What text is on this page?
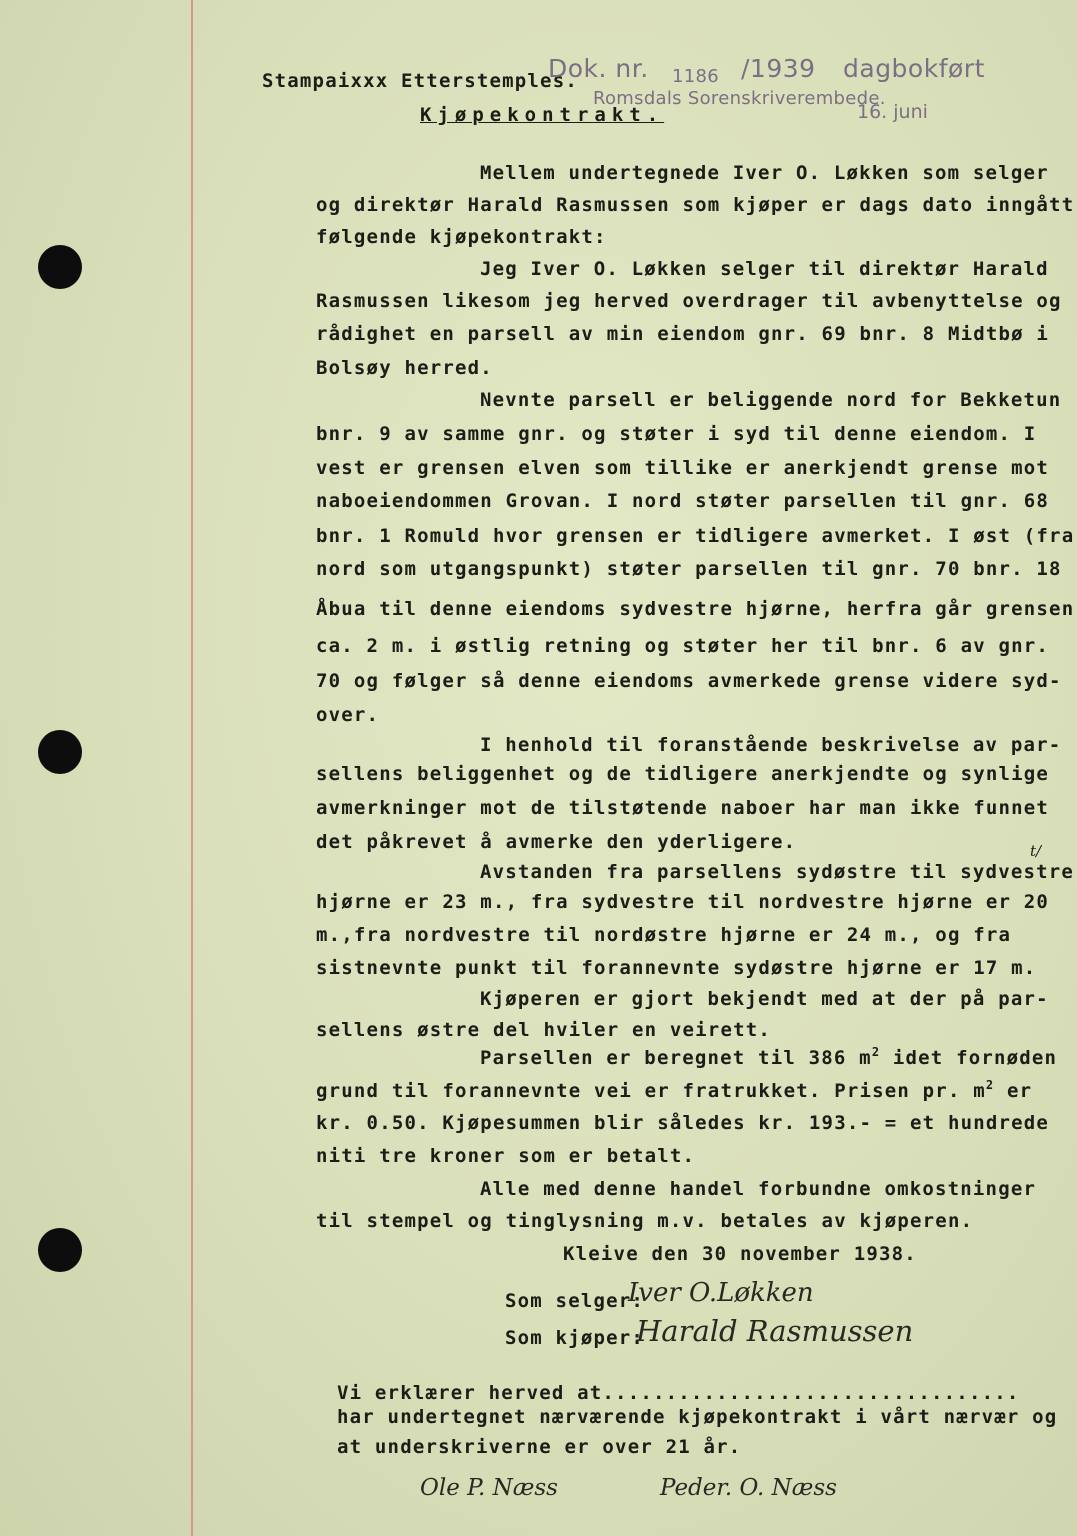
Stampaixxx Etterstemples.
Dok. nr. 1186 /1939 dagbokført
Romsdals Sorenskriverembede.
16. juni
Kjøpekontrakt.
Mellem undertegnede Iver O. Løkken som selger
og direktør Harald Rasmussen som kjøper er dags dato inngått
følgende kjøpekontrakt:
Jeg Iver O. Løkken selger til direktør Harald
Rasmussen likesom jeg herved overdrager til avbenyttelse og
rådighet en parsell av min eiendom gnr. 69 bnr. 8 Midtbø i
Bolsøy herred.
Nevnte parsell er beliggende nord for Bekketun
bnr. 9 av samme gnr. og støter i syd til denne eiendom. I
vest er grensen elven som tillike er anerkjendt grense mot
naboeiendommen Grovan. I nord støter parsellen til gnr. 68
bnr. 1 Romuld hvor grensen er tidligere avmerket. I øst (fra
nord som utgangspunkt) støter parsellen til gnr. 70 bnr. 18
Åbua til denne eiendoms sydvestre hjørne, herfra går grensen
ca. 2 m. i østlig retning og støter her til bnr. 6 av gnr.
70 og følger så denne eiendoms avmerkede grense videre syd-
over.
I henhold til foranstående beskrivelse av par-
sellens beliggenhet og de tidligere anerkjendte og synlige
avmerkninger mot de tilstøtende naboer har man ikke funnet
det påkrevet å avmerke den yderligere.	t/
Avstanden fra parsellens sydøstre til sydvestre
hjørne er 23 m., fra sydvestre til nordvestre hjørne er 20
m.,fra nordvestre til nordøstre hjørne er 24 m., og fra
sistnevnte punkt til forannevnte sydøstre hjørne er 17 m.
Kjøperen er gjort bekjendt med at der på par-
sellens østre del hviler en veirett.
Parsellen er beregnet til 386 $m^2$ idet fornøden
grund til forannevnte vei er fratrukket. Prisen pr. $m^2$ er
kr. 0.50. Kjøpesummen blir således kr. 193.- = et hundrede
niti tre kroner som er betalt.
Alle med denne handel forbundne omkostninger
til stempel og tinglysning m.v. betales av kjøperen.
Kleive den 30 november 1938.
Som selger:
Iver O.Løkken
Som kjøper:
Harald Rasmussen
Vi erklærer herved at.................................
har undertegnet nærværende kjøpekontrakt i vårt nærvær og
at underskriverne er over 21 år.
Ole P. Næss	Peder. O. Næss
